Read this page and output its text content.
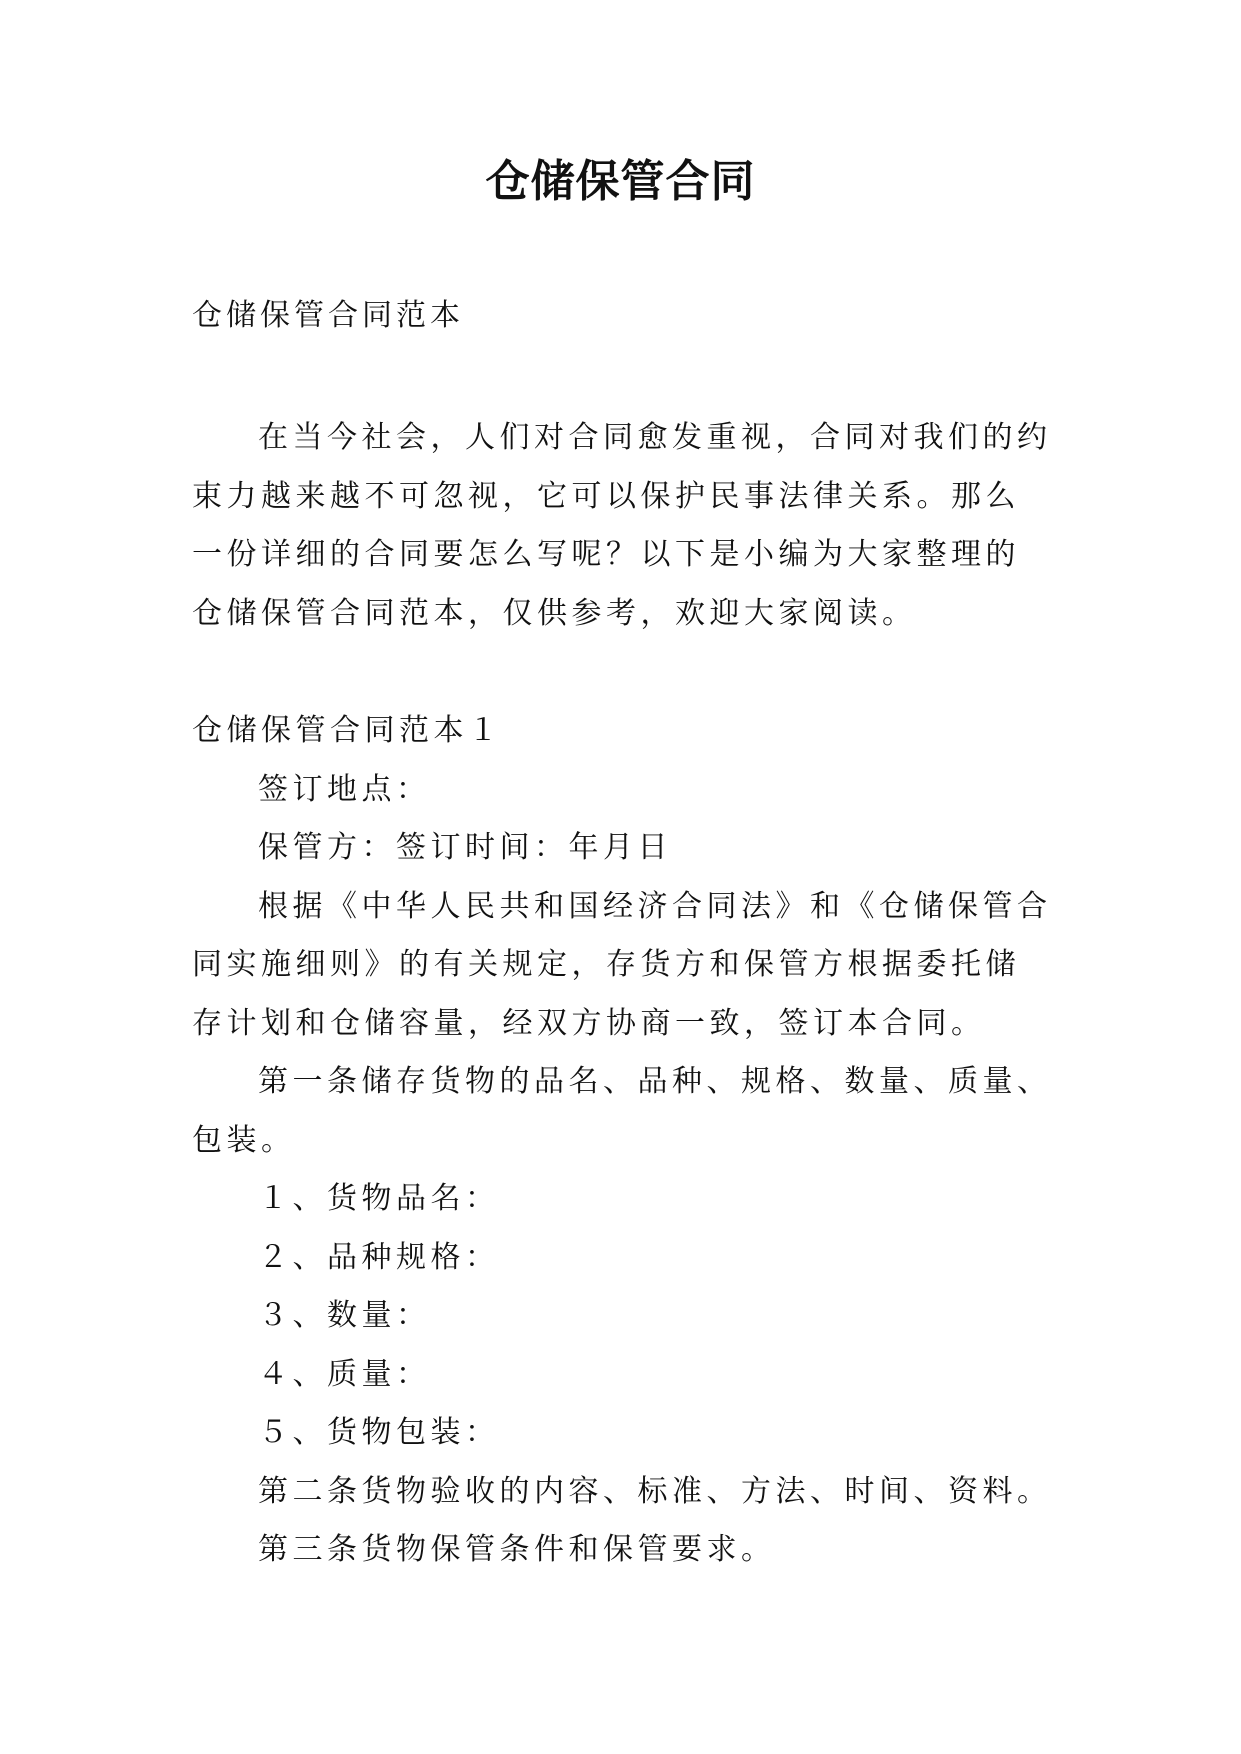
仓储保管合同
仓储保管合同范本

在当今社会，人们对合同愈发重视，合同对我们的约束力越来越不可忽视，它可以保护民事法律关系。那么一份详细的合同要怎么写呢？以下是小编为大家整理的仓储保管合同范本，仅供参考，欢迎大家阅读。

仓储保管合同范本１

签订地点：

保管方：签订时间：年月日

根据《中华人民共和国经济合同法》和《仓储保管合同实施细则》的有关规定，存货方和保管方根据委托储存计划和仓储容量，经双方协商一致，签订本合同。

第一条储存货物的品名、品种、规格、数量、质量、包装。

１、货物品名：

２、品种规格：

３、数量：

４、质量：

５、货物包装：

第二条货物验收的内容、标准、方法、时间、资料。

第三条货物保管条件和保管要求。
